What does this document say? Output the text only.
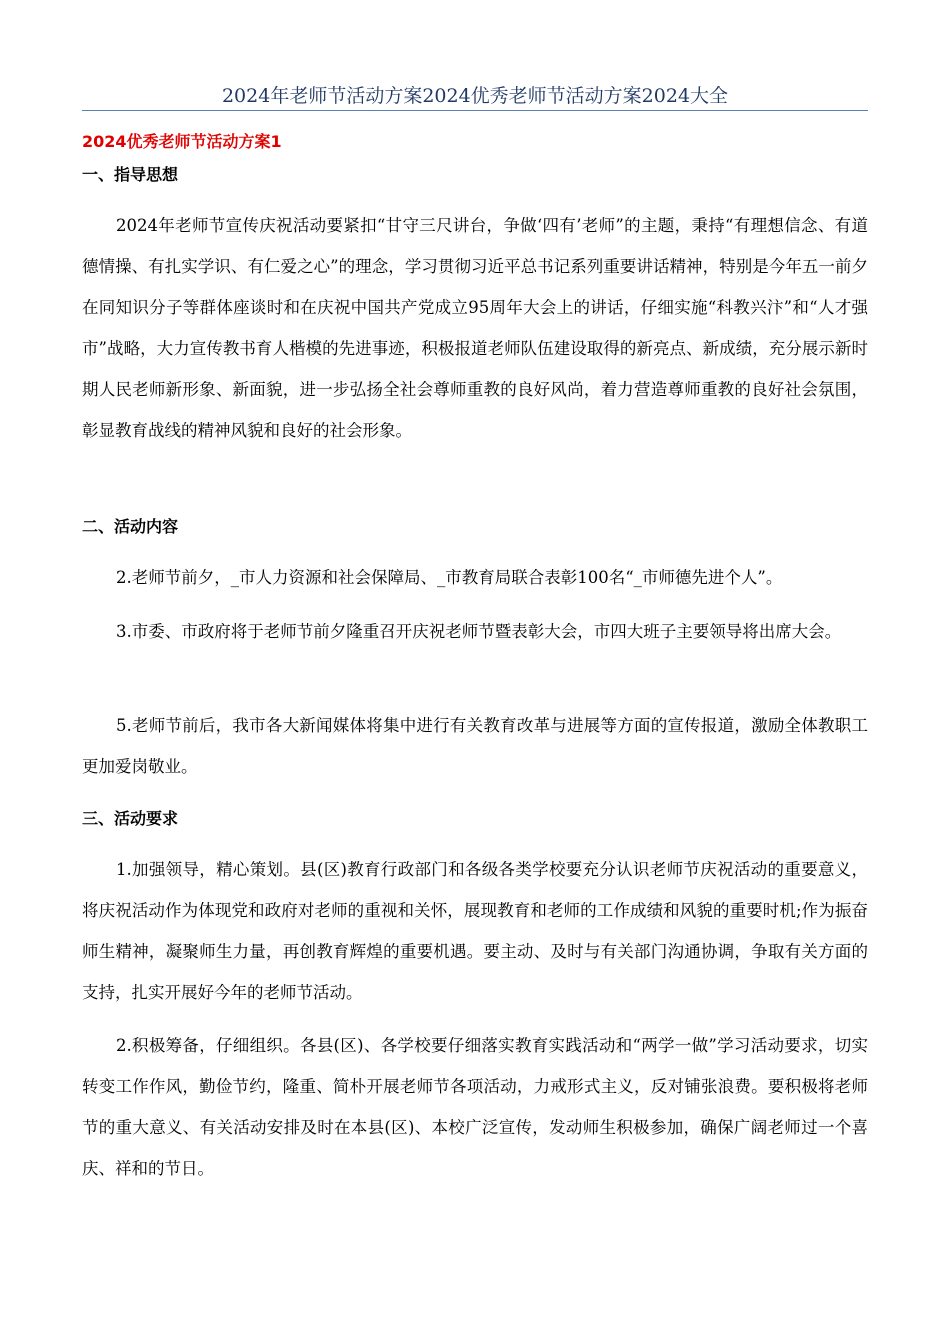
2024年老师节活动方案2024优秀老师节活动方案2024大全
2024优秀老师节活动方案1
一、指导思想

2024年老师节宣传庆祝活动要紧扣“甘守三尺讲台，争做‘四有’老师”的主题，秉持“有理想信念、有道德情操、有扎实学识、有仁爱之心”的理念，学习贯彻习近平总书记系列重要讲话精神，特别是今年五一前夕在同知识分子等群体座谈时和在庆祝中国共产党成立95周年大会上的讲话，仔细实施“科教兴汴”和“人才强市”战略，大力宣传教书育人楷模的先进事迹，积极报道老师队伍建设取得的新亮点、新成绩，充分展示新时期人民老师新形象、新面貌，进一步弘扬全社会尊师重教的良好风尚，着力营造尊师重教的良好社会氛围，彰显教育战线的精神风貌和良好的社会形象。

二、活动内容

2.老师节前夕，_市人力资源和社会保障局、_市教育局联合表彰100名“_市师德先进个人”。

3.市委、市政府将于老师节前夕隆重召开庆祝老师节暨表彰大会，市四大班子主要领导将出席大会。

5.老师节前后，我市各大新闻媒体将集中进行有关教育改革与进展等方面的宣传报道，激励全体教职工更加爱岗敬业。

三、活动要求

1.加强领导，精心策划。县(区)教育行政部门和各级各类学校要充分认识老师节庆祝活动的重要意义，将庆祝活动作为体现党和政府对老师的重视和关怀，展现教育和老师的工作成绩和风貌的重要时机;作为振奋师生精神，凝聚师生力量，再创教育辉煌的重要机遇。要主动、及时与有关部门沟通协调，争取有关方面的支持，扎实开展好今年的老师节活动。

2.积极筹备，仔细组织。各县(区)、各学校要仔细落实教育实践活动和“两学一做”学习活动要求，切实转变工作作风，勤俭节约，隆重、简朴开展老师节各项活动，力戒形式主义，反对铺张浪费。要积极将老师节的重大意义、有关活动安排及时在本县(区)、本校广泛宣传，发动师生积极参加，确保广阔老师过一个喜庆、祥和的节日。
